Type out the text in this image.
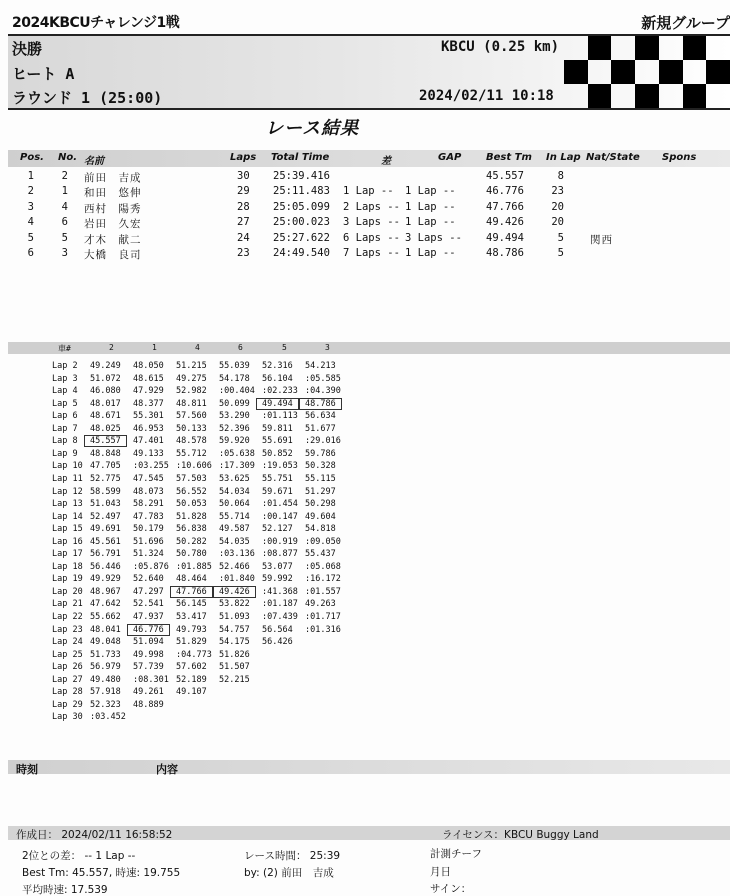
2024KBCUチャレンジ1戦	新規グループ
決勝
ヒート A
ラウンド 1 (25:00)
KBCU (0.25 km)
2024/02/11 10:18
レース結果
Pos. No. 名前	Laps Total Time	差	GAP Best Tm In Lap Nat/State Spons
1	2 前田　吉成	30 25:39.416	45.557	8
2	1 和田　悠伸	29 25:11.483 1 Lap -- 1 Lap --	46.776	23
3	4 西村　陽秀	28 25:05.099 2 Laps -- 1 Lap --	47.766	20
4	6 岩田　久宏	27 25:00.023 3 Laps -- 1 Lap --	49.426	20
5	5 才木　献二	24 25:27.622 6 Laps -- 3 Laps -- 49.494	5 関西
6	3 大橋　良司	23 24:49.540 7 Laps -- 1 Lap --	48.786	5
車#	2	1	4	6	5	3
Lap 2 49.249 48.050 51.215 55.039 52.316 54.213
Lap 3 51.072 48.615 49.275 54.178 56.104 :05.585
Lap 4 46.080 47.929 52.982 :00.404 :02.233 :04.390
Lap 5 48.017 48.377 48.811 50.099	49.494	48.786
Lap 6 48.671 55.301 57.560 53.290 :01.113 56.634
Lap 7 48.025 46.953 50.133 52.396 59.811 51.677
Lap 8	45.557	47.401 48.578 59.920 55.691 :29.016
Lap 9 48.848 49.133 55.712 :05.638 50.852 59.786
Lap 10 47.705 :03.255 :10.606 :17.309 :19.053 50.328
Lap 11 52.775 47.545 57.503 53.625 55.751 55.115
Lap 12 58.599 48.073 56.552 54.034 59.671 51.297
Lap 13 51.043 58.291 50.053 50.064 :01.454 50.298
Lap 14 52.497 47.783 51.828 55.714 :00.147 49.604
Lap 15 49.691 50.179 56.838 49.587 52.127 54.818
Lap 16 45.561 51.696 50.282 54.035 :00.919 :09.050
Lap 17 56.791 51.324 50.780 :03.136 :08.877 55.437
Lap 18 56.446 :05.876 :01.885 52.466 53.077 :05.068
Lap 19 49.929 52.640 48.464 :01.840 59.992 :16.172
Lap 20 48.967 47.297	47.766	49.426	:41.368 :01.557
Lap 21 47.642 52.541 56.145 53.822 :01.187 49.263
Lap 22 55.662 47.937 53.417 51.093 :07.439 :01.717
Lap 23 48.041	46.776	49.793 54.757 56.564 :01.316
Lap 24 49.048 51.094 51.829 54.175 56.426
Lap 25 51.733 49.998 :04.773 51.826
Lap 26 56.979 57.739 57.602 51.507
Lap 27 49.480 :08.301 52.189 52.215
Lap 28 57.918 49.261 49.107
Lap 29 52.323 48.889
Lap 30 :03.452
時刻	内容
作成日： 2024/02/11 16:58:52	ライセンス：KBCU Buggy Land
2位との差： -- 1 Lap --	レース時間： 25:39	計測チーフ
Best Tm: 45.557, 時速: 19.755	by: (2) 前田　吉成	月日
平均時速: 17.539	サイン：
